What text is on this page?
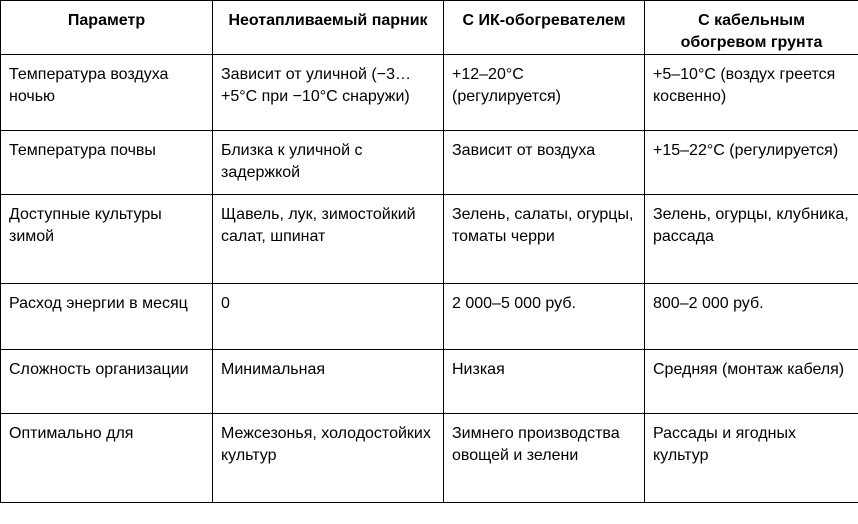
Параметр	Неотапливаемый парник	С ИК-обогревателем	С кабельным обогревом грунта
Температура воздуха ночью	Зависит от уличной (−3…+5°C при −10°C снаружи)	+12–20°C (регулируется)	+5–10°C (воздух греется косвенно)
Температура почвы	Близка к уличной с задержкой	Зависит от воздуха	+15–22°C (регулируется)
Доступные культуры зимой	Щавель, лук, зимостойкий салат, шпинат	Зелень, салаты, огурцы, томаты черри	Зелень, огурцы, клубника, рассада
Расход энергии в месяц	0	2 000–5 000 руб.	800–2 000 руб.
Сложность организации	Минимальная	Низкая	Средняя (монтаж кабеля)
Оптимально для	Межсезонья, холодостойких культур	Зимнего производства овощей и зелени	Рассады и ягодных культур
